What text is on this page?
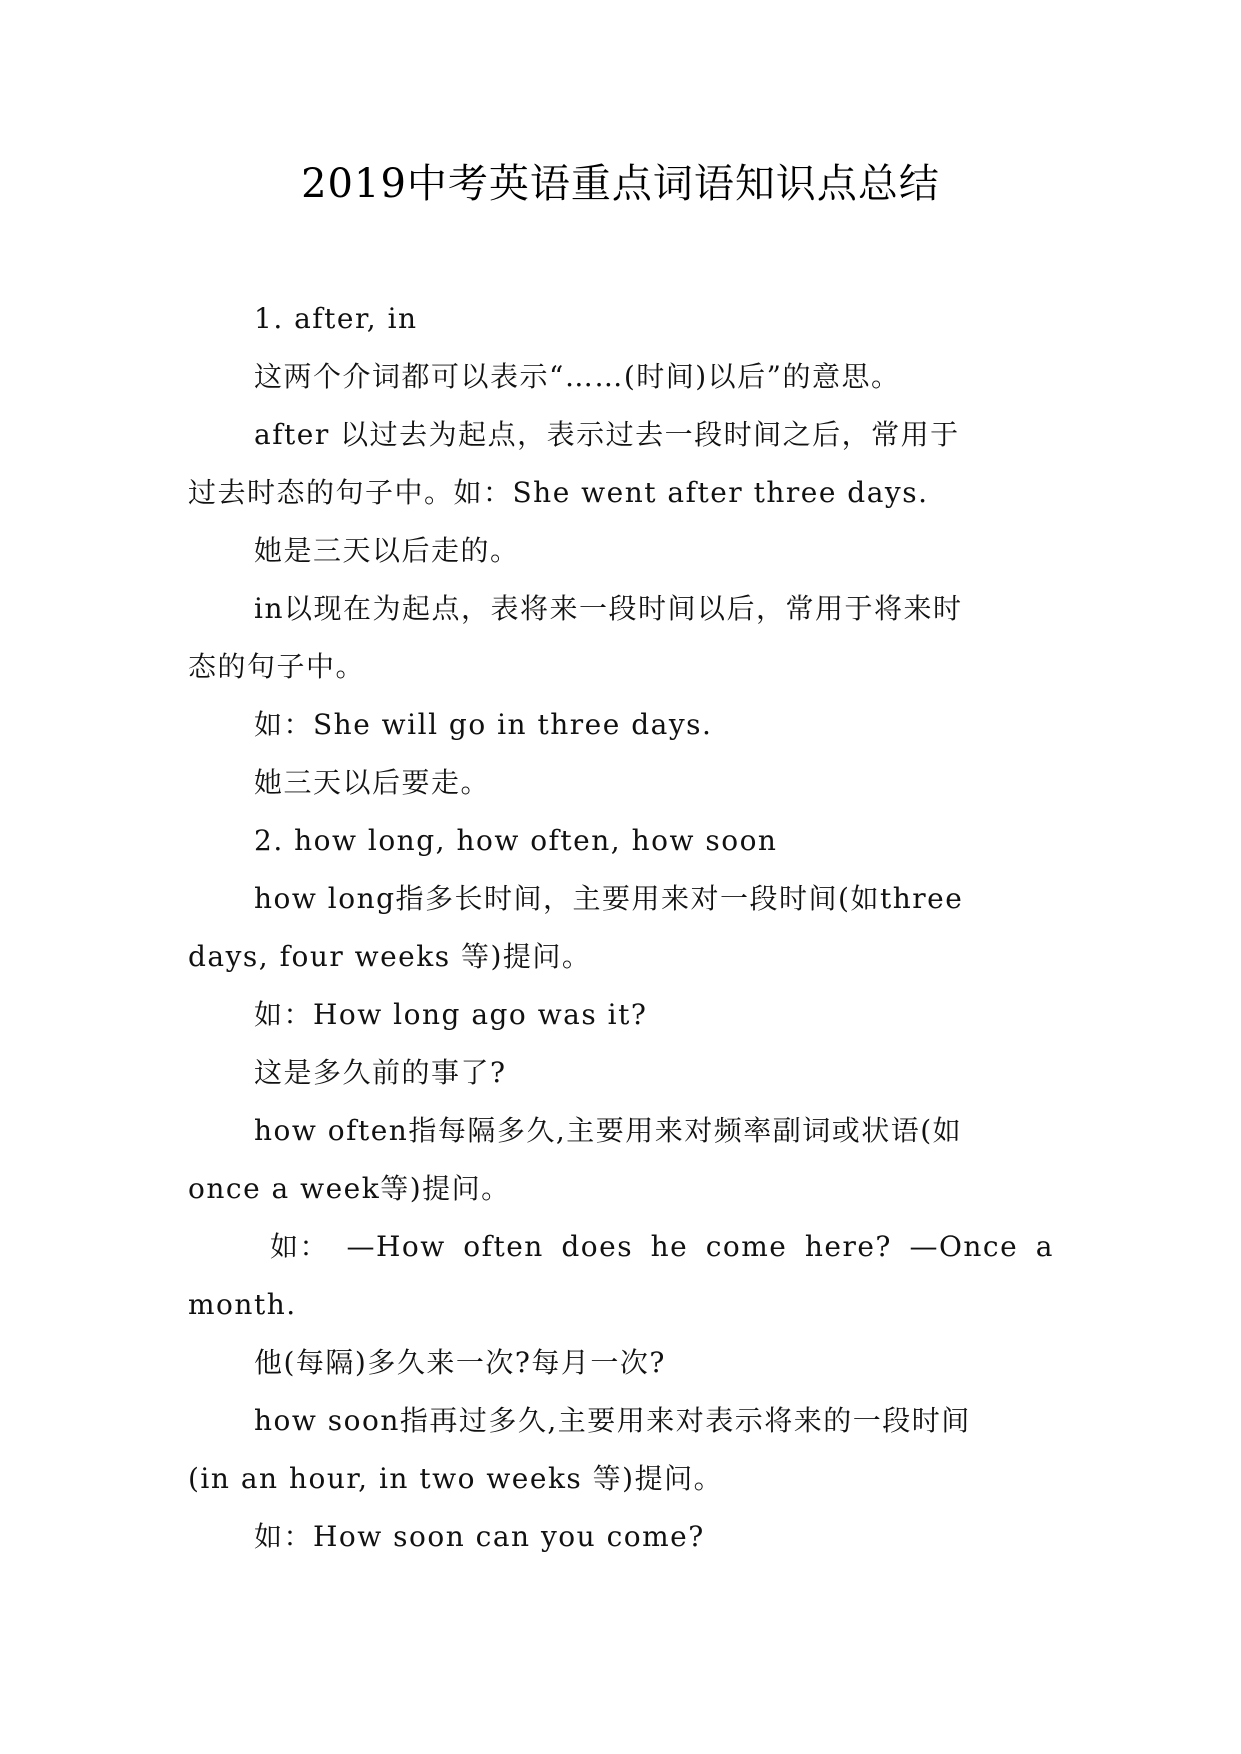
2019中考英语重点词语知识点总结
1. after, in
这两个介词都可以表示“……(时间)以后”的意思。
after 以过去为起点，表示过去一段时间之后，常用于
过去时态的句子中。如：She went after three days.
她是三天以后走的。
in以现在为起点，表将来一段时间以后，常用于将来时
态的句子中。
如：She will go in three days.
她三天以后要走。
2. how long, how often, how soon
how long指多长时间，主要用来对一段时间(如three
days, four weeks 等)提问。
如：How long ago was it?
这是多久前的事了?
how often指每隔多久,主要用来对频率副词或状语(如
once a week等)提问。
如： —How often does he come here? —Once a
month.
他(每隔)多久来一次?每月一次?
how soon指再过多久,主要用来对表示将来的一段时间
(in an hour, in two weeks 等)提问。
如：How soon can you come?
